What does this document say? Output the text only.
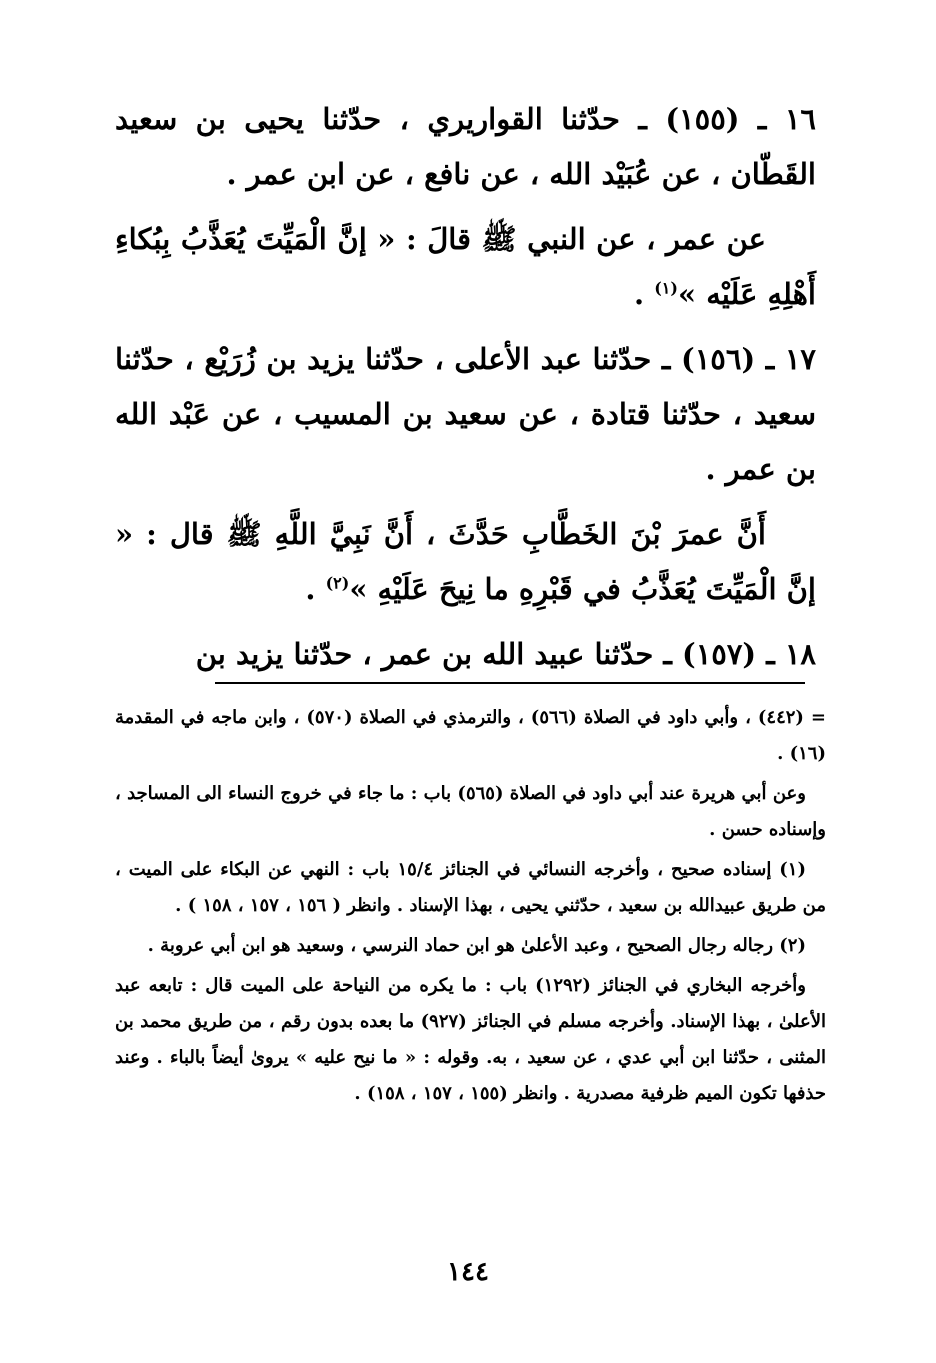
١٦ ـ (١٥٥) ـ حدّثنا القواريري ، حدّثنا يحيى بن سعيد القَطّان ، عن عُبَيْد الله ، عن نافع ، عن ابن عمر .

عن عمر ، عن النبي ﷺ قالَ : « إنَّ الْمَيِّتَ يُعَذَّبُ بِبُكاءِ أَهْلِهِ عَلَيْه »$^{(١)}$ .

١٧ ـ (١٥٦) ـ حدّثنا عبد الأعلى ، حدّثنا يزيد بن زُرَيْع ، حدّثنا سعيد ، حدّثنا قتادة ، عن سعيد بن المسيب ، عن عَبْد الله بن عمر .

أَنَّ عمرَ بْنَ الخَطَّابِ حَدَّثَ ، أَنَّ نَبِيَّ اللَّهِ ﷺ قال : « إنَّ الْمَيِّتَ يُعَذَّبُ في قَبْرِهِ ما نِيحَ عَلَيْهِ »$^{(٢)}$ .

١٨ ـ (١٥٧) ـ حدّثنا عبيد الله بن عمر ، حدّثنا يزيد بن

= (٤٤٢) ، وأبي داود في الصلاة (٥٦٦) ، والترمذي في الصلاة (٥٧٠) ، وابن ماجه في المقدمة (١٦) .

وعن أبي هريرة عند أبي داود في الصلاة (٥٦٥) باب : ما جاء في خروج النساء الى المساجد ، وإسناده حسن .

(١) إسناده صحيح ، وأخرجه النسائي في الجنائز ١٥/٤ باب : النهي عن البكاء على الميت ، من طريق عبيدالله بن سعيد ، حدّثني يحيى ، بهذا الإسناد . وانظر ( ١٥٦ ، ١٥٧ ، ١٥٨ ) .

(٢) رجاله رجال الصحيح ، وعبد الأعلىٰ هو ابن حماد النرسي ، وسعيد هو ابن أبي عروبة .

وأخرجه البخاري في الجنائز (١٢٩٢) باب : ما يكره من النياحة على الميت قال : تابعه عبد الأعلىٰ ، بهذا الإسناد. وأخرجه مسلم في الجنائز (٩٢٧) ما بعده بدون رقم ، من طريق محمد بن المثنى ، حدّثنا ابن أبي عدي ، عن سعيد ، به. وقوله : « ما نيح عليه » يروىٰ أيضاً بالباء . وعند حذفها تكون الميم ظرفية مصدرية . وانظر (١٥٥ ، ١٥٧ ، ١٥٨) .

١٤٤
